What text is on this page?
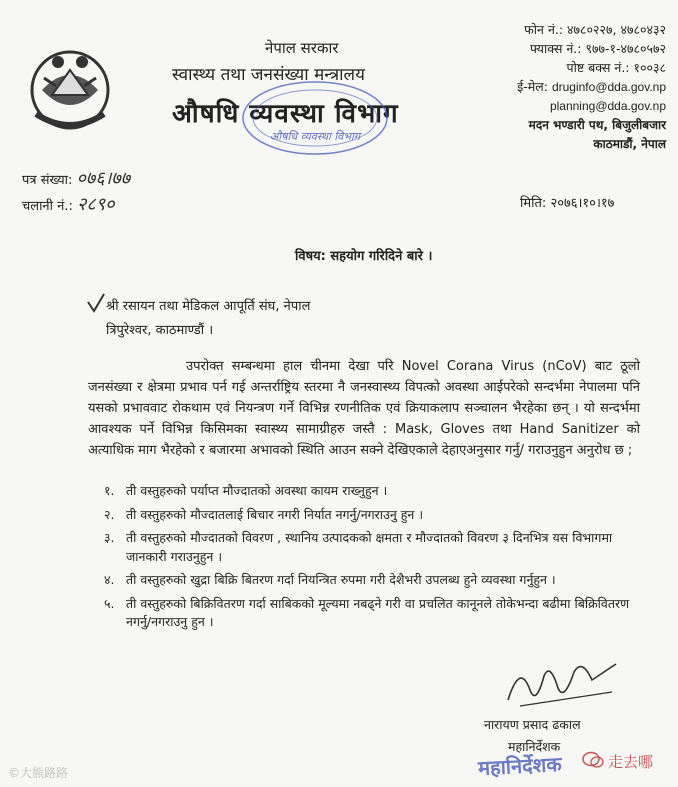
नेपाल सरकार
स्वास्थ्य तथा जनसंख्या मन्त्रालय
औषधि व्यवस्था विभाग
औषधि व्यवस्था विभाग
फोन नं.: ४७८०२२७, ४७८०४३२
फ्याक्स नं.: ९७७-१-४७८०५७२
पोष्ट बक्स नं.: १००३८
ई-मेल: druginfo@dda.gov.np
planning@dda.gov.np
मदन भण्डारी पथ, बिजुलीबजार
काठमाडौं, नेपाल
पत्र संख्या: ०७६।७७
चलानी नं.: २८९०	मिति: २०७६।१०।१७
विषय: सहयोग गरिदिने बारे ।
श्री रसायन तथा मेडिकल आपूर्ति संघ, नेपाल
त्रिपुरेश्वर, काठमाण्डौं ।
उपरोक्त सम्बन्धमा हाल चीनमा देखा परि Novel Corana Virus (nCoV) बाट ठूलो जनसंख्या र क्षेत्रमा प्रभाव पर्न गई अन्तर्राष्ट्रिय स्तरमा नै जनस्वास्थ्य विपत्को अवस्था आईपरेको सन्दर्भमा नेपालमा पनि यसको प्रभाववाट रोकथाम एवं नियन्त्रण गर्ने विभिन्न रणनीतिक एवं क्रियाकलाप सञ्चालन भैरहेका छन् । यो सन्दर्भमा आवश्यक पर्ने विभिन्न किसिमका स्वास्थ्य सामाग्रीहरु जस्तै : Mask, Gloves तथा Hand Sanitizer को अत्याधिक माग भैरहेको र बजारमा अभावको स्थिति आउन सक्ने देखिएकाले देहाएअनुसार गर्नु/ गराउनुहुन अनुरोध छ ;
१. ती वस्तुहरुको पर्याप्त मौज्दातको अवस्था कायम राख्नुहुन ।
२. ती वस्तुहरुको मौज्दातलाई बिचार नगरी निर्यात नगर्नु/नगराउनु हुन ।
३. ती वस्तुहरुको मौज्दातको विवरण , स्थानिय उत्पादकको क्षमता र मौज्दातको विवरण ३ दिनभित्र यस विभागमा जानकारी गराउनुहुन ।
४. ती वस्तुहरुको खुद्रा बिक्रि बितरण गर्दा नियन्त्रित रुपमा गरी देशैभरी उपलब्ध हुने व्यवस्था गर्नुहुन ।
५. ती वस्तुहरुको बिक्रिवितरण गर्दा साबिकको मूल्यमा नबढ्ने गरी वा प्रचलित कानूनले तोकेभन्दा बढीमा बिक्रिवितरण नगर्नु/नगराउनु हुन ।
नारायण प्रसाद ढकाल
महानिर्देशक
महानिर्देशक
©大熊路路
走去哪
